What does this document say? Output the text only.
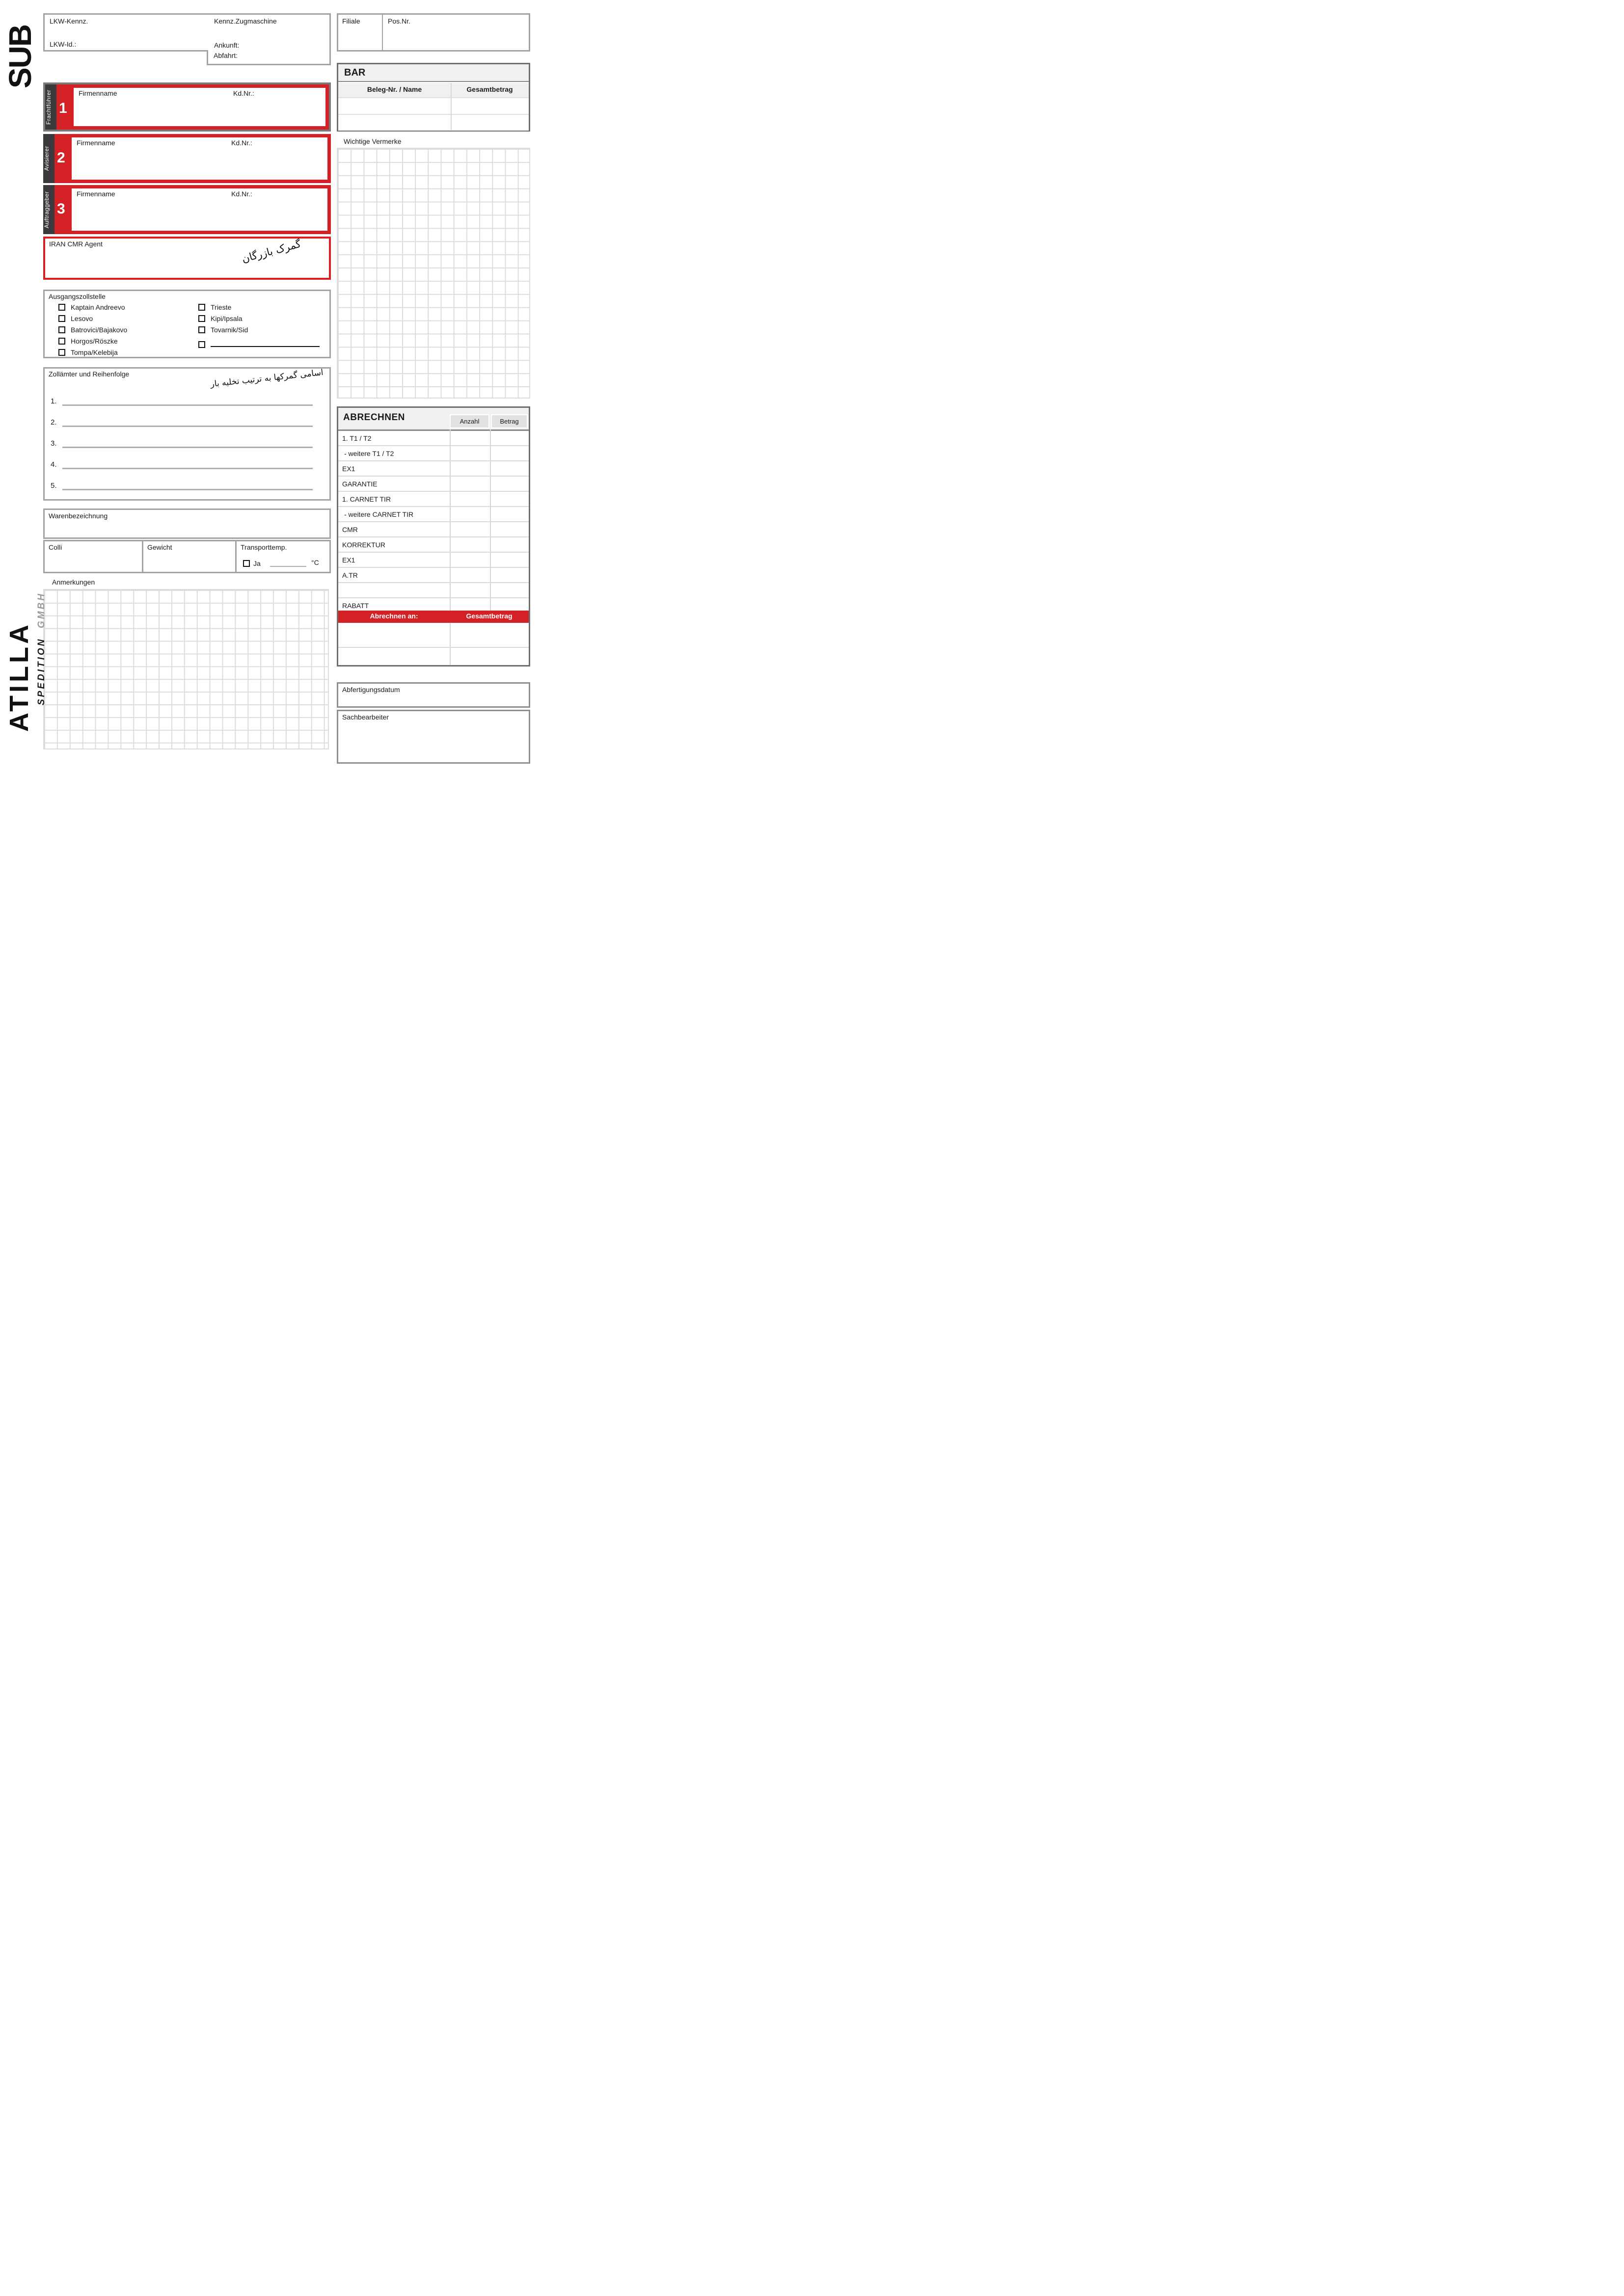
SUB
LKW-Kennz.	Kennz.Zugmaschine
LKW-Id.:	Ankunft:
Abfahrt:
Filiale	Pos.Nr.
BAR
Beleg-Nr. / Name	Gesamtbetrag
Frachtführer 1
Firmenname	Kd.Nr.:
Avisierer 2
Firmenname	Kd.Nr.:
Auftraggeber 3
Firmenname	Kd.Nr.:
IRAN CMR Agent	گمرک بازرگان
Wichtige Vermerke
Ausgangszollstelle
Kaptain Andreevo
Lesovo
Batrovici/Bajakovo
Horgos/Röszke
Tompa/Kelebija
Trieste
Kipi/Ipsala
Tovarnik/Sid
Zollämter und Reihenfolge	اسامی گمرکها به ترتیب تخلیه بار
1.
2.
3.
4.
5.
Warenbezeichnung
Colli	Gewicht	Transporttemp.
Ja	°C
Anmerkungen
ABRECHNEN	Anzahl	Betrag
1. T1 / T2
- weitere T1 / T2
EX1
GARANTIE
1. CARNET TIR
- weitere CARNET TIR
CMR
KORREKTUR
EX1
A.TR
RABATT
Abrechnen an:	Gesamtbetrag
Abfertigungsdatum
Sachbearbeiter
ATILLA SPEDITION  GMBH
